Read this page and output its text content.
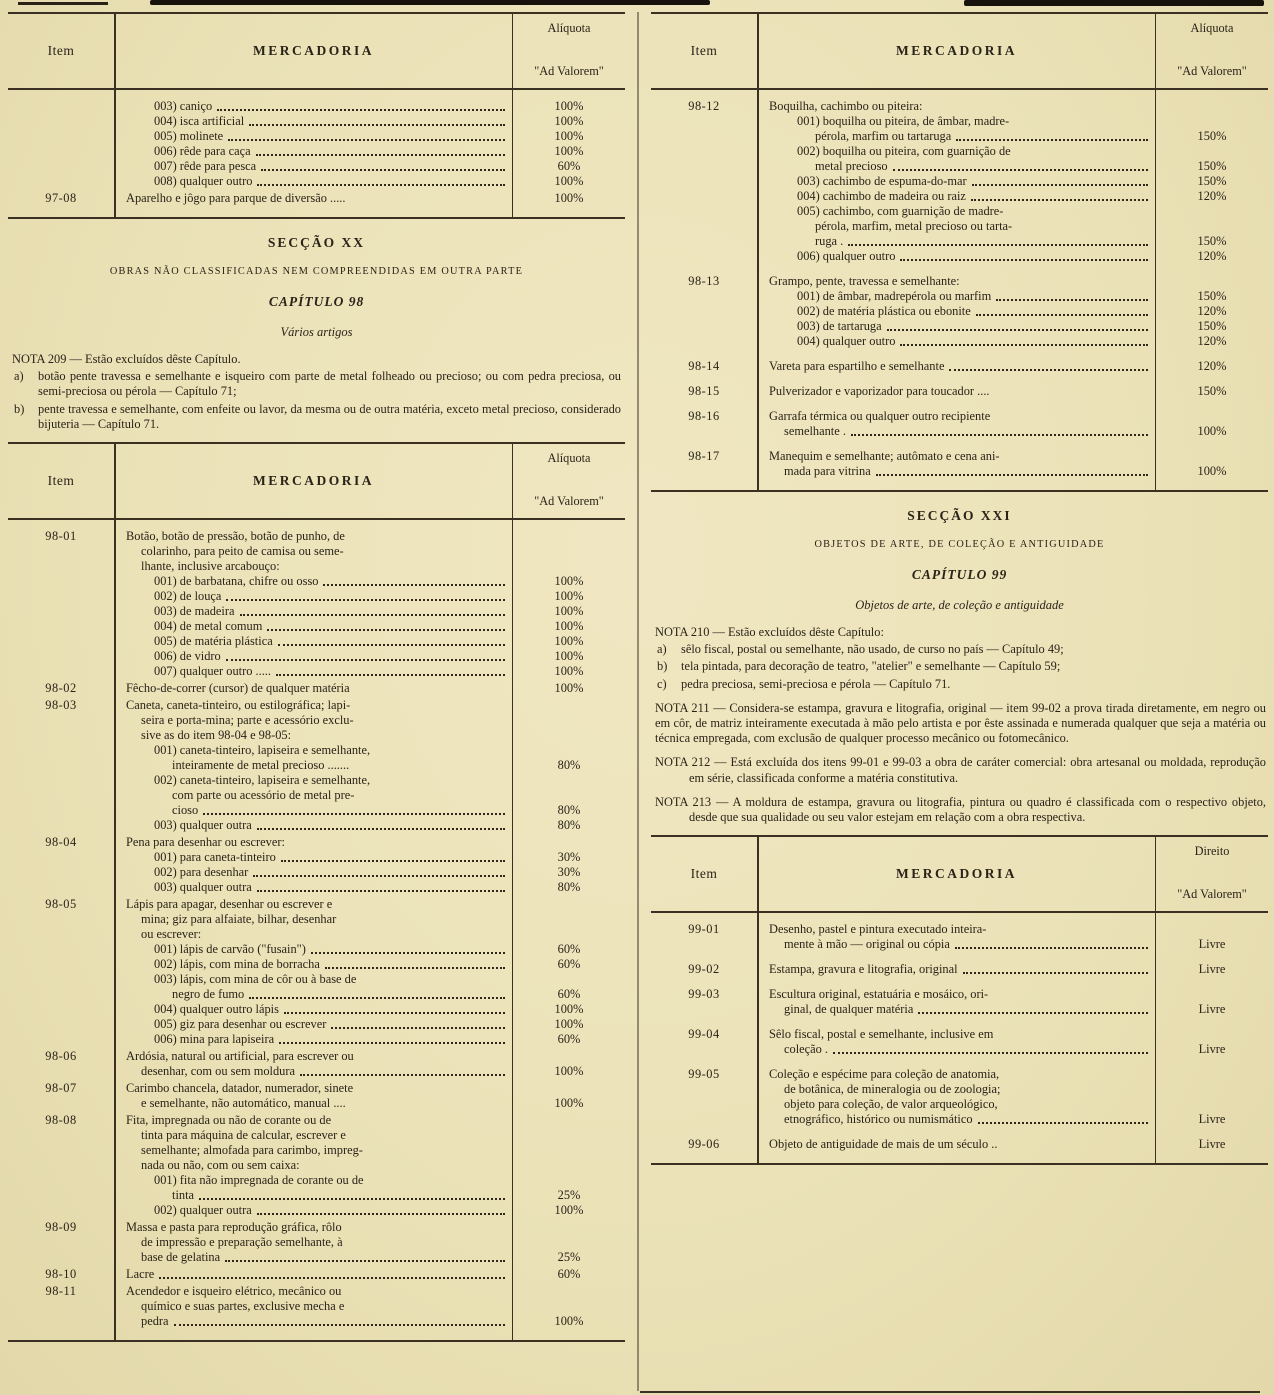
Item	MERCADORIA
Alíquota
"Ad Valorem"
003) caniço	100%
004) isca artificial	100%
005) molinete	100%
006) rêde para caça	100%
007) rêde para pesca	60%
008) qualquer outro	100%
97-08	Aparelho e jôgo para parque de diversão .....	100%
SECÇÃO XX
OBRAS NÃO CLASSIFICADAS NEM COMPREENDIDAS EM OUTRA PARTE
CAPÍTULO 98
Vários artigos

NOTA 209 — Estão excluídos dêste Capítulo.

a)	botão pente travessa e semelhante e isqueiro com parte de metal folheado ou precioso; ou com pedra preciosa, ou semi-preciosa ou pérola — Capítulo 71;
b)	pente travessa e semelhante, com enfeite ou lavor, da mesma ou de outra matéria, exceto metal precioso, considerado bijuteria — Capítulo 71.
Item	MERCADORIA
Alíquota
"Ad Valorem"
98-01	Botão, botão de pressão, botão de punho, de
colarinho, para peito de camisa ou seme-
lhante, inclusive arcabouço:
001) de barbatana, chifre ou osso	100%
002) de louça	100%
003) de madeira	100%
004) de metal comum	100%
005) de matéria plástica	100%
006) de vidro	100%
007) qualquer outro .....	100%
98-02	Fêcho-de-correr (cursor) de qualquer matéria	100%
98-03	Caneta, caneta-tinteiro, ou estilográfica; lapi-
seira e porta-mina; parte e acessório exclu-
sive as do item 98-04 e 98-05:
001) caneta-tinteiro, lapiseira e semelhante,
inteiramente de metal precioso .......	80%
002) caneta-tinteiro, lapiseira e semelhante,
com parte ou acessório de metal pre-
cioso	80%
003) qualquer outra	80%
98-04	Pena para desenhar ou escrever:
001) para caneta-tinteiro	30%
002) para desenhar	30%
003) qualquer outra	80%
98-05	Lápis para apagar, desenhar ou escrever e
mina; giz para alfaiate, bilhar, desenhar
ou escrever:
001) lápis de carvão ("fusain")	60%
002) lápis, com mina de borracha	60%
003) lápis, com mina de côr ou à base de
negro de fumo	60%
004) qualquer outro lápis	100%
005) giz para desenhar ou escrever	100%
006) mina para lapiseira	60%
98-06	Ardósia, natural ou artificial, para escrever ou
desenhar, com ou sem moldura	100%
98-07	Carimbo chancela, datador, numerador, sinete
e semelhante, não automático, manual ....	100%
98-08	Fita, impregnada ou não de corante ou de
tinta para máquina de calcular, escrever e
semelhante; almofada para carimbo, impreg-
nada ou não, com ou sem caixa:
001) fita não impregnada de corante ou de
tinta	25%
002) qualquer outra	100%
98-09	Massa e pasta para reprodução gráfica, rôlo
de impressão e preparação semelhante, à
base de gelatina	25%
98-10	Lacre	60%
98-11	Acendedor e isqueiro elétrico, mecânico ou
químico e suas partes, exclusive mecha e
pedra	100%
Item	MERCADORIA
Alíquota
"Ad Valorem"
98-12	Boquilha, cachimbo ou piteira:
001) boquilha ou piteira, de âmbar, madre-
pérola, marfim ou tartaruga	150%
002) boquilha ou piteira, com guarnição de
metal precioso	150%
003) cachimbo de espuma-do-mar	150%
004) cachimbo de madeira ou raiz	120%
005) cachimbo, com guarnição de madre-
pérola, marfim, metal precioso ou tarta-
ruga .	150%
006) qualquer outro	120%
98-13	Grampo, pente, travessa e semelhante:
001) de âmbar, madrepérola ou marfim	150%
002) de matéria plástica ou ebonite	120%
003) de tartaruga	150%
004) qualquer outro	120%
98-14	Vareta para espartilho e semelhante	120%
98-15	Pulverizador e vaporizador para toucador ....	150%
98-16	Garrafa térmica ou qualquer outro recipiente
semelhante .	100%
98-17	Manequim e semelhante; autômato e cena ani-
mada para vitrina	100%
SECÇÃO XXI
OBJETOS DE ARTE, DE COLEÇÃO E ANTIGUIDADE
CAPÍTULO 99
Objetos de arte, de coleção e antiguidade

NOTA 210 — Estão excluídos dêste Capítulo:

a)	sêlo fiscal, postal ou semelhante, não usado, de curso no país — Capítulo 49;
b)	tela pintada, para decoração de teatro, "atelier" e semelhante — Capítulo 59;
c)	pedra preciosa, semi-preciosa e pérola — Capítulo 71.

NOTA 211 — Considera-se estampa, gravura e litografia, original — item 99-02 a prova tirada diretamente, em negro ou em côr, de matriz inteiramente executada à mão pelo artista e por êste assinada e numerada qualquer que seja a matéria ou técnica empregada, com exclusão de qualquer processo mecânico ou fotomecânico.

NOTA 212 — Está excluída dos itens 99-01 e 99-03 a obra de caráter comercial: obra artesanal ou moldada, reprodução em série, classificada conforme a matéria constitutiva.

NOTA 213 — A moldura de estampa, gravura ou litografia, pintura ou quadro é classificada com o respectivo objeto, desde que sua qualidade ou seu valor estejam em relação com a obra respectiva.

Item	MERCADORIA
Direito
"Ad Valorem"
99-01	Desenho, pastel e pintura executado inteira-
mente à mão — original ou cópia	Livre
99-02	Estampa, gravura e litografia, original	Livre
99-03	Escultura original, estatuária e mosáico, ori-
ginal, de qualquer matéria	Livre
99-04	Sêlo fiscal, postal e semelhante, inclusive em
coleção .	Livre
99-05	Coleção e espécime para coleção de anatomia,
de botânica, de mineralogia ou de zoologia;
objeto para coleção, de valor arqueológico,
etnográfico, histórico ou numismático	Livre
99-06	Objeto de antiguidade de mais de um século ..	Livre
